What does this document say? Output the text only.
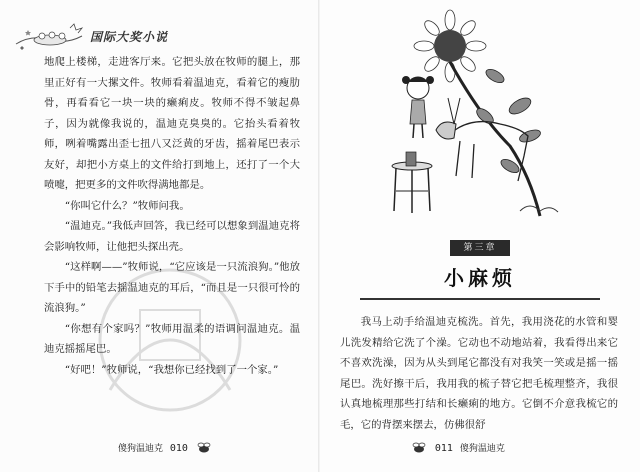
国际大奖小说

地爬上楼梯，走进客厅来。它把头放在牧师的腿上，那里正好有一大摞文件。牧师看着温迪克，看着它的瘦肋骨，再看看它一块一块的癞痢皮。牧师不得不皱起鼻子，因为就像我说的，温迪克臭臭的。它抬头看着牧师，咧着嘴露出歪七扭八又泛黄的牙齿，摇着尾巴表示友好，却把小方桌上的文件给打到地上，还打了一个大喷嚏，把更多的文件吹得满地都是。

“你叫它什么？”牧师问我。

“温迪克。”我低声回答，我已经可以想象到温迪克将会影响牧师，让他把头探出壳。

“这样啊——”牧师说，“它应该是一只流浪狗。”他放下手中的铅笔去摇温迪克的耳后，“而且是一只很可怜的流浪狗。”

“你想有个家吗？”牧师用温柔的语调问温迪克。温迪克摇摇尾巴。

“好吧！”牧师说，“我想你已经找到了一个家。”

傻狗温迪克 010
第三章
小麻烦

我马上动手给温迪克梳洗。首先，我用浇花的水管和婴儿洗发精给它洗了个澡。它动也不动地站着，我看得出来它不喜欢洗澡，因为从头到尾它都没有对我笑一笑或是摇一摇尾巴。洗好擦干后，我用我的梳子替它把毛梳理整齐，我很认真地梳理那些打结和长癞痢的地方。它倒不介意我梳它的毛，它的背摆来摆去，仿佛很舒

011 傻狗温迪克
